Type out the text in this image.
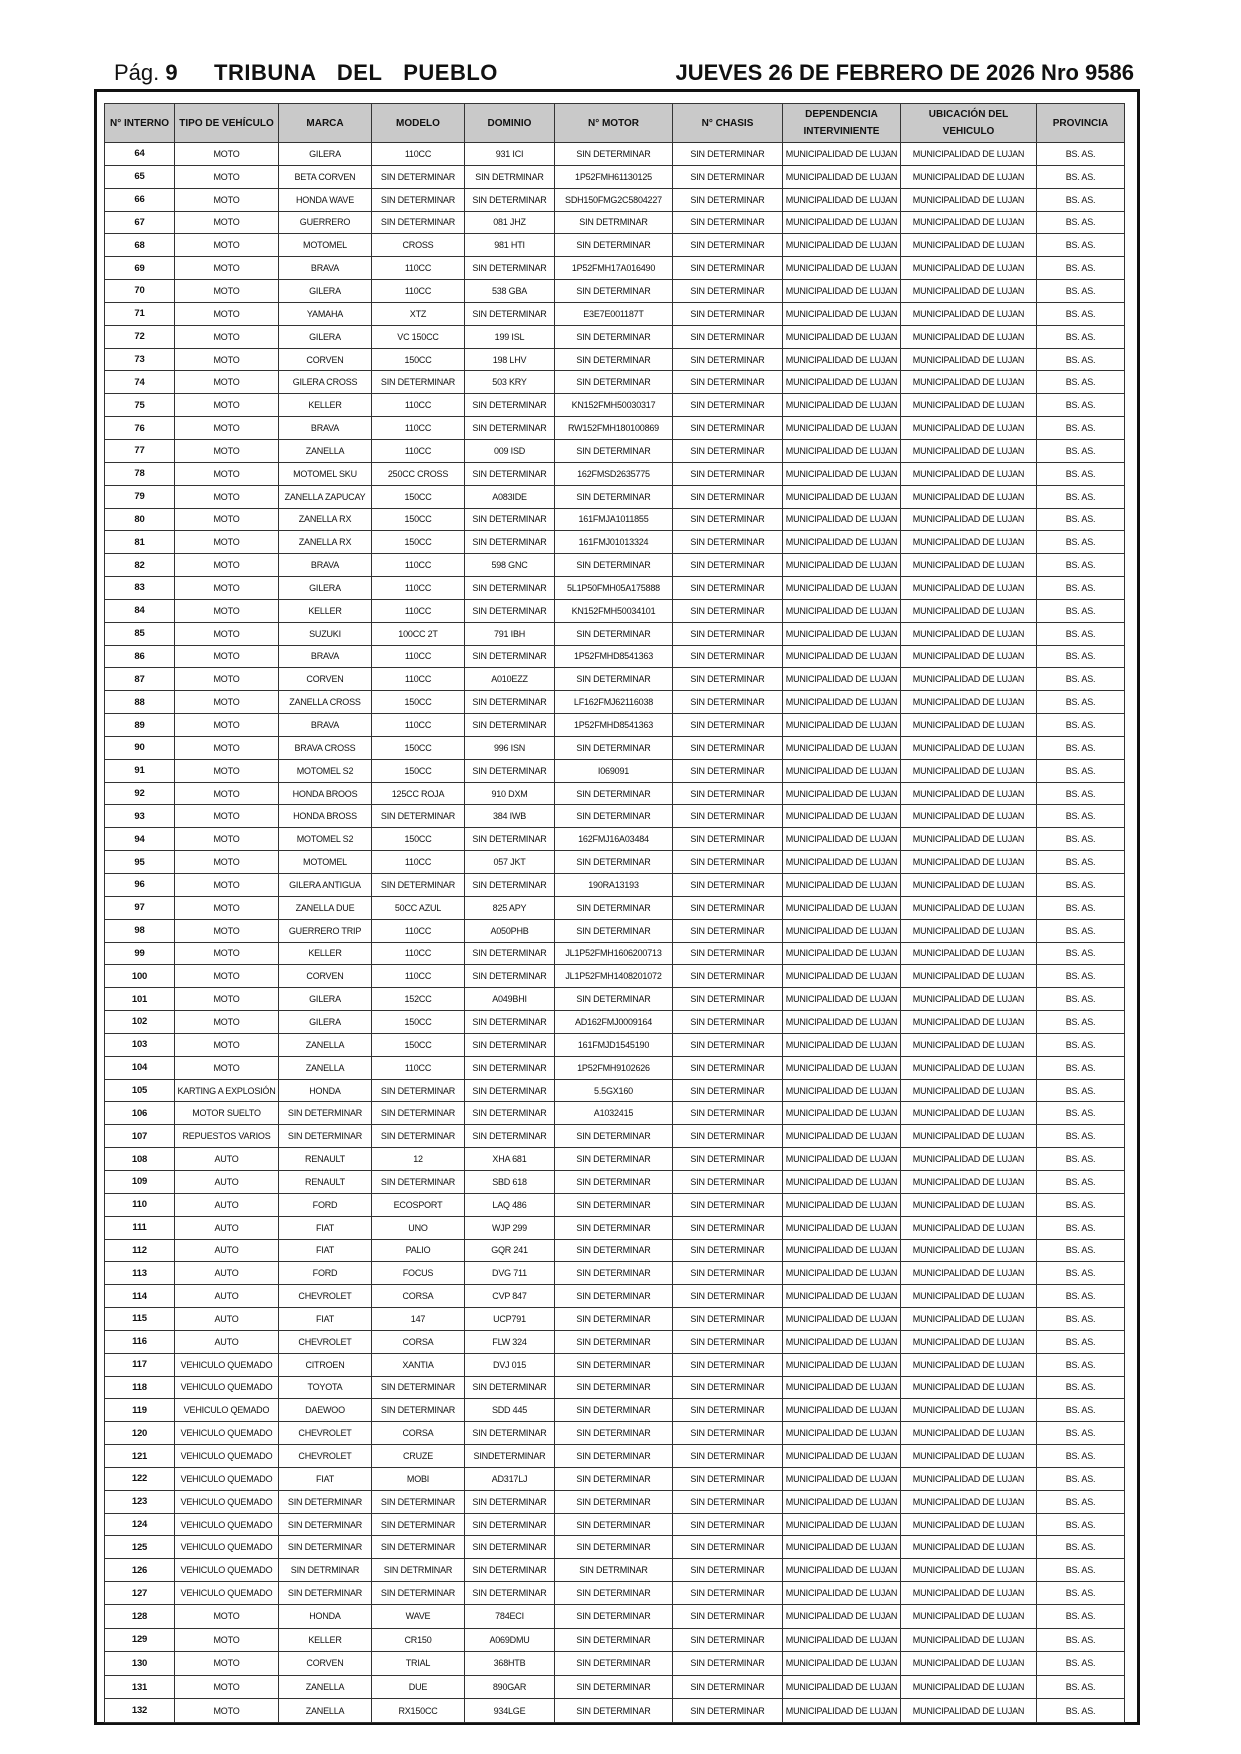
Pág. 9 TRIBUNA  DEL  PUEBLO	JUEVES 26 DE FEBRERO DE 2026 Nro 9586
N° INTERNO	TIPO DE VEHÍCULO	MARCA	MODELO	DOMINIO	N° MOTOR	N° CHASIS	DEPENDENCIA INTERVINIENTE	UBICACIÓN DEL VEHICULO	PROVINCIA
64	MOTO	GILERA	110CC	931 ICI	SIN DETERMINAR	SIN DETERMINAR	MUNICIPALIDAD DE LUJAN	MUNICIPALIDAD DE LUJAN	BS. AS.
65	MOTO	BETA CORVEN	SIN DETERMINAR	SIN DETRMINAR	1P52FMH61130125	SIN DETERMINAR	MUNICIPALIDAD DE LUJAN	MUNICIPALIDAD DE LUJAN	BS. AS.
66	MOTO	HONDA WAVE	SIN DETERMINAR	SIN DETERMINAR	SDH150FMG2C5804227	SIN DETERMINAR	MUNICIPALIDAD DE LUJAN	MUNICIPALIDAD DE LUJAN	BS. AS.
67	MOTO	GUERRERO	SIN DETERMINAR	081 JHZ	SIN DETRMINAR	SIN DETERMINAR	MUNICIPALIDAD DE LUJAN	MUNICIPALIDAD DE LUJAN	BS. AS.
68	MOTO	MOTOMEL	CROSS	981 HTI	SIN DETERMINAR	SIN DETERMINAR	MUNICIPALIDAD DE LUJAN	MUNICIPALIDAD DE LUJAN	BS. AS.
69	MOTO	BRAVA	110CC	SIN DETERMINAR	1P52FMH17A016490	SIN DETERMINAR	MUNICIPALIDAD DE LUJAN	MUNICIPALIDAD DE LUJAN	BS. AS.
70	MOTO	GILERA	110CC	538 GBA	SIN DETERMINAR	SIN DETERMINAR	MUNICIPALIDAD DE LUJAN	MUNICIPALIDAD DE LUJAN	BS. AS.
71	MOTO	YAMAHA	XTZ	SIN DETERMINAR	E3E7E001187T	SIN DETERMINAR	MUNICIPALIDAD DE LUJAN	MUNICIPALIDAD DE LUJAN	BS. AS.
72	MOTO	GILERA	VC 150CC	199 ISL	SIN DETERMINAR	SIN DETERMINAR	MUNICIPALIDAD DE LUJAN	MUNICIPALIDAD DE LUJAN	BS. AS.
73	MOTO	CORVEN	150CC	198 LHV	SIN DETERMINAR	SIN DETERMINAR	MUNICIPALIDAD DE LUJAN	MUNICIPALIDAD DE LUJAN	BS. AS.
74	MOTO	GILERA CROSS	SIN DETERMINAR	503 KRY	SIN DETERMINAR	SIN DETERMINAR	MUNICIPALIDAD DE LUJAN	MUNICIPALIDAD DE LUJAN	BS. AS.
75	MOTO	KELLER	110CC	SIN DETERMINAR	KN152FMH50030317	SIN DETERMINAR	MUNICIPALIDAD DE LUJAN	MUNICIPALIDAD DE LUJAN	BS. AS.
76	MOTO	BRAVA	110CC	SIN DETERMINAR	RW152FMH180100869	SIN DETERMINAR	MUNICIPALIDAD DE LUJAN	MUNICIPALIDAD DE LUJAN	BS. AS.
77	MOTO	ZANELLA	110CC	009 ISD	SIN DETERMINAR	SIN DETERMINAR	MUNICIPALIDAD DE LUJAN	MUNICIPALIDAD DE LUJAN	BS. AS.
78	MOTO	MOTOMEL SKU	250CC CROSS	SIN DETERMINAR	162FMSD2635775	SIN DETERMINAR	MUNICIPALIDAD DE LUJAN	MUNICIPALIDAD DE LUJAN	BS. AS.
79	MOTO	ZANELLA ZAPUCAY	150CC	A083IDE	SIN DETERMINAR	SIN DETERMINAR	MUNICIPALIDAD DE LUJAN	MUNICIPALIDAD DE LUJAN	BS. AS.
80	MOTO	ZANELLA RX	150CC	SIN DETERMINAR	161FMJA1011855	SIN DETERMINAR	MUNICIPALIDAD DE LUJAN	MUNICIPALIDAD DE LUJAN	BS. AS.
81	MOTO	ZANELLA RX	150CC	SIN DETERMINAR	161FMJ01013324	SIN DETERMINAR	MUNICIPALIDAD DE LUJAN	MUNICIPALIDAD DE LUJAN	BS. AS.
82	MOTO	BRAVA	110CC	598 GNC	SIN DETERMINAR	SIN DETERMINAR	MUNICIPALIDAD DE LUJAN	MUNICIPALIDAD DE LUJAN	BS. AS.
83	MOTO	GILERA	110CC	SIN DETERMINAR	5L1P50FMH05A175888	SIN DETERMINAR	MUNICIPALIDAD DE LUJAN	MUNICIPALIDAD DE LUJAN	BS. AS.
84	MOTO	KELLER	110CC	SIN DETERMINAR	KN152FMH50034101	SIN DETERMINAR	MUNICIPALIDAD DE LUJAN	MUNICIPALIDAD DE LUJAN	BS. AS.
85	MOTO	SUZUKI	100CC 2T	791 IBH	SIN DETERMINAR	SIN DETERMINAR	MUNICIPALIDAD DE LUJAN	MUNICIPALIDAD DE LUJAN	BS. AS.
86	MOTO	BRAVA	110CC	SIN DETERMINAR	1P52FMHD8541363	SIN DETERMINAR	MUNICIPALIDAD DE LUJAN	MUNICIPALIDAD DE LUJAN	BS. AS.
87	MOTO	CORVEN	110CC	A010EZZ	SIN DETERMINAR	SIN DETERMINAR	MUNICIPALIDAD DE LUJAN	MUNICIPALIDAD DE LUJAN	BS. AS.
88	MOTO	ZANELLA CROSS	150CC	SIN DETERMINAR	LF162FMJ62116038	SIN DETERMINAR	MUNICIPALIDAD DE LUJAN	MUNICIPALIDAD DE LUJAN	BS. AS.
89	MOTO	BRAVA	110CC	SIN DETERMINAR	1P52FMHD8541363	SIN DETERMINAR	MUNICIPALIDAD DE LUJAN	MUNICIPALIDAD DE LUJAN	BS. AS.
90	MOTO	BRAVA CROSS	150CC	996 ISN	SIN DETERMINAR	SIN DETERMINAR	MUNICIPALIDAD DE LUJAN	MUNICIPALIDAD DE LUJAN	BS. AS.
91	MOTO	MOTOMEL S2	150CC	SIN DETERMINAR	I069091	SIN DETERMINAR	MUNICIPALIDAD DE LUJAN	MUNICIPALIDAD DE LUJAN	BS. AS.
92	MOTO	HONDA BROOS	125CC ROJA	910 DXM	SIN DETERMINAR	SIN DETERMINAR	MUNICIPALIDAD DE LUJAN	MUNICIPALIDAD DE LUJAN	BS. AS.
93	MOTO	HONDA BROSS	SIN DETERMINAR	384 IWB	SIN DETERMINAR	SIN DETERMINAR	MUNICIPALIDAD DE LUJAN	MUNICIPALIDAD DE LUJAN	BS. AS.
94	MOTO	MOTOMEL S2	150CC	SIN DETERMINAR	162FMJ16A03484	SIN DETERMINAR	MUNICIPALIDAD DE LUJAN	MUNICIPALIDAD DE LUJAN	BS. AS.
95	MOTO	MOTOMEL	110CC	057 JKT	SIN DETERMINAR	SIN DETERMINAR	MUNICIPALIDAD DE LUJAN	MUNICIPALIDAD DE LUJAN	BS. AS.
96	MOTO	GILERA ANTIGUA	SIN DETERMINAR	SIN DETERMINAR	190RA13193	SIN DETERMINAR	MUNICIPALIDAD DE LUJAN	MUNICIPALIDAD DE LUJAN	BS. AS.
97	MOTO	ZANELLA DUE	50CC AZUL	825 APY	SIN DETERMINAR	SIN DETERMINAR	MUNICIPALIDAD DE LUJAN	MUNICIPALIDAD DE LUJAN	BS. AS.
98	MOTO	GUERRERO TRIP	110CC	A050PHB	SIN DETERMINAR	SIN DETERMINAR	MUNICIPALIDAD DE LUJAN	MUNICIPALIDAD DE LUJAN	BS. AS.
99	MOTO	KELLER	110CC	SIN DETERMINAR	JL1P52FMH1606200713	SIN DETERMINAR	MUNICIPALIDAD DE LUJAN	MUNICIPALIDAD DE LUJAN	BS. AS.
100	MOTO	CORVEN	110CC	SIN DETERMINAR	JL1P52FMH1408201072	SIN DETERMINAR	MUNICIPALIDAD DE LUJAN	MUNICIPALIDAD DE LUJAN	BS. AS.
101	MOTO	GILERA	152CC	A049BHI	SIN DETERMINAR	SIN DETERMINAR	MUNICIPALIDAD DE LUJAN	MUNICIPALIDAD DE LUJAN	BS. AS.
102	MOTO	GILERA	150CC	SIN DETERMINAR	AD162FMJ0009164	SIN DETERMINAR	MUNICIPALIDAD DE LUJAN	MUNICIPALIDAD DE LUJAN	BS. AS.
103	MOTO	ZANELLA	150CC	SIN DETERMINAR	161FMJD1545190	SIN DETERMINAR	MUNICIPALIDAD DE LUJAN	MUNICIPALIDAD DE LUJAN	BS. AS.
104	MOTO	ZANELLA	110CC	SIN DETERMINAR	1P52FMH9102626	SIN DETERMINAR	MUNICIPALIDAD DE LUJAN	MUNICIPALIDAD DE LUJAN	BS. AS.
105	KARTING A EXPLOSIÓN	HONDA	SIN DETERMINAR	SIN DETERMINAR	5.5GX160	SIN DETERMINAR	MUNICIPALIDAD DE LUJAN	MUNICIPALIDAD DE LUJAN	BS. AS.
106	MOTOR SUELTO	SIN DETERMINAR	SIN DETERMINAR	SIN DETERMINAR	A1032415	SIN DETERMINAR	MUNICIPALIDAD DE LUJAN	MUNICIPALIDAD DE LUJAN	BS. AS.
107	REPUESTOS VARIOS	SIN DETERMINAR	SIN DETERMINAR	SIN DETERMINAR	SIN DETERMINAR	SIN DETERMINAR	MUNICIPALIDAD DE LUJAN	MUNICIPALIDAD DE LUJAN	BS. AS.
108	AUTO	RENAULT	12	XHA 681	SIN DETERMINAR	SIN DETERMINAR	MUNICIPALIDAD DE LUJAN	MUNICIPALIDAD DE LUJAN	BS. AS.
109	AUTO	RENAULT	SIN DETERMINAR	SBD 618	SIN DETERMINAR	SIN DETERMINAR	MUNICIPALIDAD DE LUJAN	MUNICIPALIDAD DE LUJAN	BS. AS.
110	AUTO	FORD	ECOSPORT	LAQ 486	SIN DETERMINAR	SIN DETERMINAR	MUNICIPALIDAD DE LUJAN	MUNICIPALIDAD DE LUJAN	BS. AS.
111	AUTO	FIAT	UNO	WJP 299	SIN DETERMINAR	SIN DETERMINAR	MUNICIPALIDAD DE LUJAN	MUNICIPALIDAD DE LUJAN	BS. AS.
112	AUTO	FIAT	PALIO	GQR 241	SIN DETERMINAR	SIN DETERMINAR	MUNICIPALIDAD DE LUJAN	MUNICIPALIDAD DE LUJAN	BS. AS.
113	AUTO	FORD	FOCUS	DVG 711	SIN DETERMINAR	SIN DETERMINAR	MUNICIPALIDAD DE LUJAN	MUNICIPALIDAD DE LUJAN	BS. AS.
114	AUTO	CHEVROLET	CORSA	CVP 847	SIN DETERMINAR	SIN DETERMINAR	MUNICIPALIDAD DE LUJAN	MUNICIPALIDAD DE LUJAN	BS. AS.
115	AUTO	FIAT	147	UCP791	SIN DETERMINAR	SIN DETERMINAR	MUNICIPALIDAD DE LUJAN	MUNICIPALIDAD DE LUJAN	BS. AS.
116	AUTO	CHEVROLET	CORSA	FLW 324	SIN DETERMINAR	SIN DETERMINAR	MUNICIPALIDAD DE LUJAN	MUNICIPALIDAD DE LUJAN	BS. AS.
117	VEHICULO QUEMADO	CITROEN	XANTIA	DVJ 015	SIN DETERMINAR	SIN DETERMINAR	MUNICIPALIDAD DE LUJAN	MUNICIPALIDAD DE LUJAN	BS. AS.
118	VEHICULO QUEMADO	TOYOTA	SIN DETERMINAR	SIN DETERMINAR	SIN DETERMINAR	SIN DETERMINAR	MUNICIPALIDAD DE LUJAN	MUNICIPALIDAD DE LUJAN	BS. AS.
119	VEHICULO QEMADO	DAEWOO	SIN DETERMINAR	SDD 445	SIN DETERMINAR	SIN DETERMINAR	MUNICIPALIDAD DE LUJAN	MUNICIPALIDAD DE LUJAN	BS. AS.
120	VEHICULO QUEMADO	CHEVROLET	CORSA	SIN DETERMINAR	SIN DETERMINAR	SIN DETERMINAR	MUNICIPALIDAD DE LUJAN	MUNICIPALIDAD DE LUJAN	BS. AS.
121	VEHICULO QUEMADO	CHEVROLET	CRUZE	SINDETERMINAR	SIN DETERMINAR	SIN DETERMINAR	MUNICIPALIDAD DE LUJAN	MUNICIPALIDAD DE LUJAN	BS. AS.
122	VEHICULO QUEMADO	FIAT	MOBI	AD317LJ	SIN DETERMINAR	SIN DETERMINAR	MUNICIPALIDAD DE LUJAN	MUNICIPALIDAD DE LUJAN	BS. AS.
123	VEHICULO QUEMADO	SIN DETERMINAR	SIN DETERMINAR	SIN DETERMINAR	SIN DETERMINAR	SIN DETERMINAR	MUNICIPALIDAD DE LUJAN	MUNICIPALIDAD DE LUJAN	BS. AS.
124	VEHICULO QUEMADO	SIN DETERMINAR	SIN DETERMINAR	SIN DETERMINAR	SIN DETERMINAR	SIN DETERMINAR	MUNICIPALIDAD DE LUJAN	MUNICIPALIDAD DE LUJAN	BS. AS.
125	VEHICULO QUEMADO	SIN DETERMINAR	SIN DETERMINAR	SIN DETERMINAR	SIN DETERMINAR	SIN DETERMINAR	MUNICIPALIDAD DE LUJAN	MUNICIPALIDAD DE LUJAN	BS. AS.
126	VEHICULO QUEMADO	SIN DETRMINAR	SIN DETRMINAR	SIN DETERMINAR	SIN DETRMINAR	SIN DETERMINAR	MUNICIPALIDAD DE LUJAN	MUNICIPALIDAD DE LUJAN	BS. AS.
127	VEHICULO QUEMADO	SIN DETERMINAR	SIN DETERMINAR	SIN DETERMINAR	SIN DETERMINAR	SIN DETERMINAR	MUNICIPALIDAD DE LUJAN	MUNICIPALIDAD DE LUJAN	BS. AS.
128	MOTO	HONDA	WAVE	784ECI	SIN DETERMINAR	SIN DETERMINAR	MUNICIPALIDAD DE LUJAN	MUNICIPALIDAD DE LUJAN	BS. AS.
129	MOTO	KELLER	CR150	A069DMU	SIN DETERMINAR	SIN DETERMINAR	MUNICIPALIDAD DE LUJAN	MUNICIPALIDAD DE LUJAN	BS. AS.
130	MOTO	CORVEN	TRIAL	368HTB	SIN DETERMINAR	SIN DETERMINAR	MUNICIPALIDAD DE LUJAN	MUNICIPALIDAD DE LUJAN	BS. AS.
131	MOTO	ZANELLA	DUE	890GAR	SIN DETERMINAR	SIN DETERMINAR	MUNICIPALIDAD DE LUJAN	MUNICIPALIDAD DE LUJAN	BS. AS.
132	MOTO	ZANELLA	RX150CC	934LGE	SIN DETERMINAR	SIN DETERMINAR	MUNICIPALIDAD DE LUJAN	MUNICIPALIDAD DE LUJAN	BS. AS.
